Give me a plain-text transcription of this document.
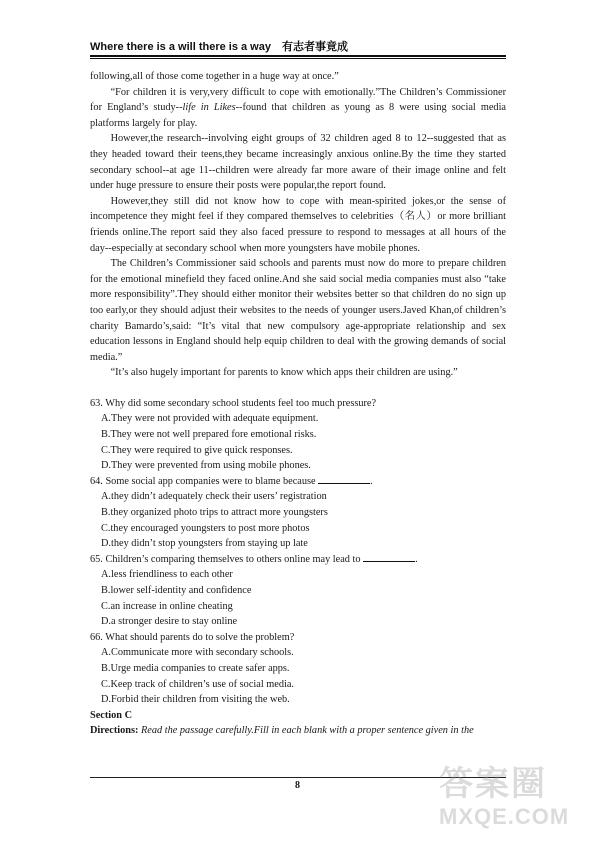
Where there is a will there is a way 有志者事竟成

following,all of those come together in a huge way at once.”

“For children it is very,very difficult to cope with emotionally.”The Children’s Commissioner for England’s study--life in Likes--found that children as young as 8 were using social media platforms largely for play.

However,the research--involving eight groups of 32 children aged 8 to 12--suggested that as they headed toward their teens,they became increasingly anxious online.By the time they started secondary school--at age 11--children were already far more aware of their image online and felt under huge pressure to ensure their posts were popular,the report found.

However,they still did not know how to cope with mean-spirited jokes,or the sense of incompetence they might feel if they compared themselves to celebrities（名人）or more brilliant friends online.The report said they also faced pressure to respond to messages at all hours of the day--especially at secondary school when more youngsters have mobile phones.

The Children’s Commissioner said schools and parents must now do more to prepare children for the emotional minefield they faced online.And she said social media companies must also “take more responsibility”.They should either monitor their websites better so that children do no sign up too early,or they should adjust their websites to the needs of younger users.Javed Khan,of children’s charity Bamardo’s,said: “It’s vital that new compulsory age-appropriate relationship and sex education lessons in England should help equip children to deal with the growing demands of social media.”

“It’s also hugely important for parents to know which apps their children are using.”

63. Why did some secondary school students feel too much pressure?

A.They were not provided with adequate equipment.

B.They were not well prepared fore emotional risks.

C.They were required to give quick responses.

D.They were prevented from using mobile phones.

64. Some social app companies were to blame because	.

A.they didn’t adequately check their users’ registration

B.they organized photo trips to attract more youngsters

C.they encouraged youngsters to post more photos

D.they didn’t stop youngsters from staying up late

65. Children’s comparing themselves to others online may lead to	.

A.less friendliness to each other

B.lower self-identity and confidence

C.an increase in online cheating

D.a stronger desire to stay online

66. What should parents do to solve the problem?

A.Communicate more with secondary schools.

B.Urge media companies to create safer apps.

C.Keep track of children’s use of social media.

D.Forbid their children from visiting the web.

Section C

Directions: Read the passage carefully.Fill in each blank with a proper sentence given in the

8	答案圈
MXQE.COM
